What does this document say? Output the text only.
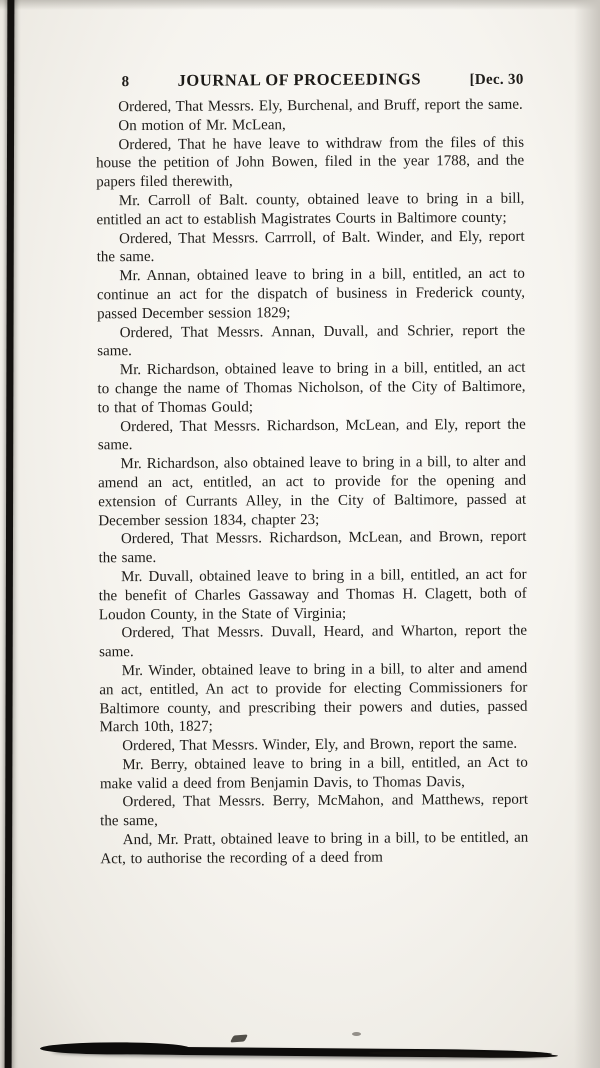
8	JOURNAL OF PROCEEDINGS	[Dec. 30

Ordered, That Messrs. Ely, Burchenal, and Bruff, report the same.

On motion of Mr. McLean,

Ordered, That he have leave to withdraw from the files of this house the petition of John Bowen, filed in the year 1788, and the papers filed therewith,

Mr. Carroll of Balt. county, obtained leave to bring in a bill, entitled an act to establish Magistrates Courts in Baltimore county;

Ordered, That Messrs. Carrroll, of Balt. Winder, and Ely, report the same.

Mr. Annan, obtained leave to bring in a bill, entitled, an act to continue an act for the dispatch of business in Frederick county, passed December session 1829;

Ordered, That Messrs. Annan, Duvall, and Schrier, report the same.

Mr. Richardson, obtained leave to bring in a bill, entitled, an act to change the name of Thomas Nicholson, of the City of Baltimore, to that of Thomas Gould;

Ordered, That Messrs. Richardson, McLean, and Ely, report the same.

Mr. Richardson, also obtained leave to bring in a bill, to alter and amend an act, entitled, an act to provide for the opening and extension of Currants Alley, in the City of Baltimore, passed at December session 1834, chapter 23;

Ordered, That Messrs. Richardson, McLean, and Brown, report the same.

Mr. Duvall, obtained leave to bring in a bill, entitled, an act for the benefit of Charles Gassaway and Thomas H. Clagett, both of Loudon County, in the State of Virginia;

Ordered, That Messrs. Duvall, Heard, and Wharton, report the same.

Mr. Winder, obtained leave to bring in a bill, to alter and amend an act, entitled, An act to provide for electing Commissioners for Baltimore county, and prescribing their powers and duties, passed March 10th, 1827;

Ordered, That Messrs. Winder, Ely, and Brown, report the same.

Mr. Berry, obtained leave to bring in a bill, entitled, an Act to make valid a deed from Benjamin Davis, to Thomas Davis,

Ordered, That Messrs. Berry, McMahon, and Matthews, report the same,

And, Mr. Pratt, obtained leave to bring in a bill, to be entitled, an Act, to authorise the recording of a deed from
